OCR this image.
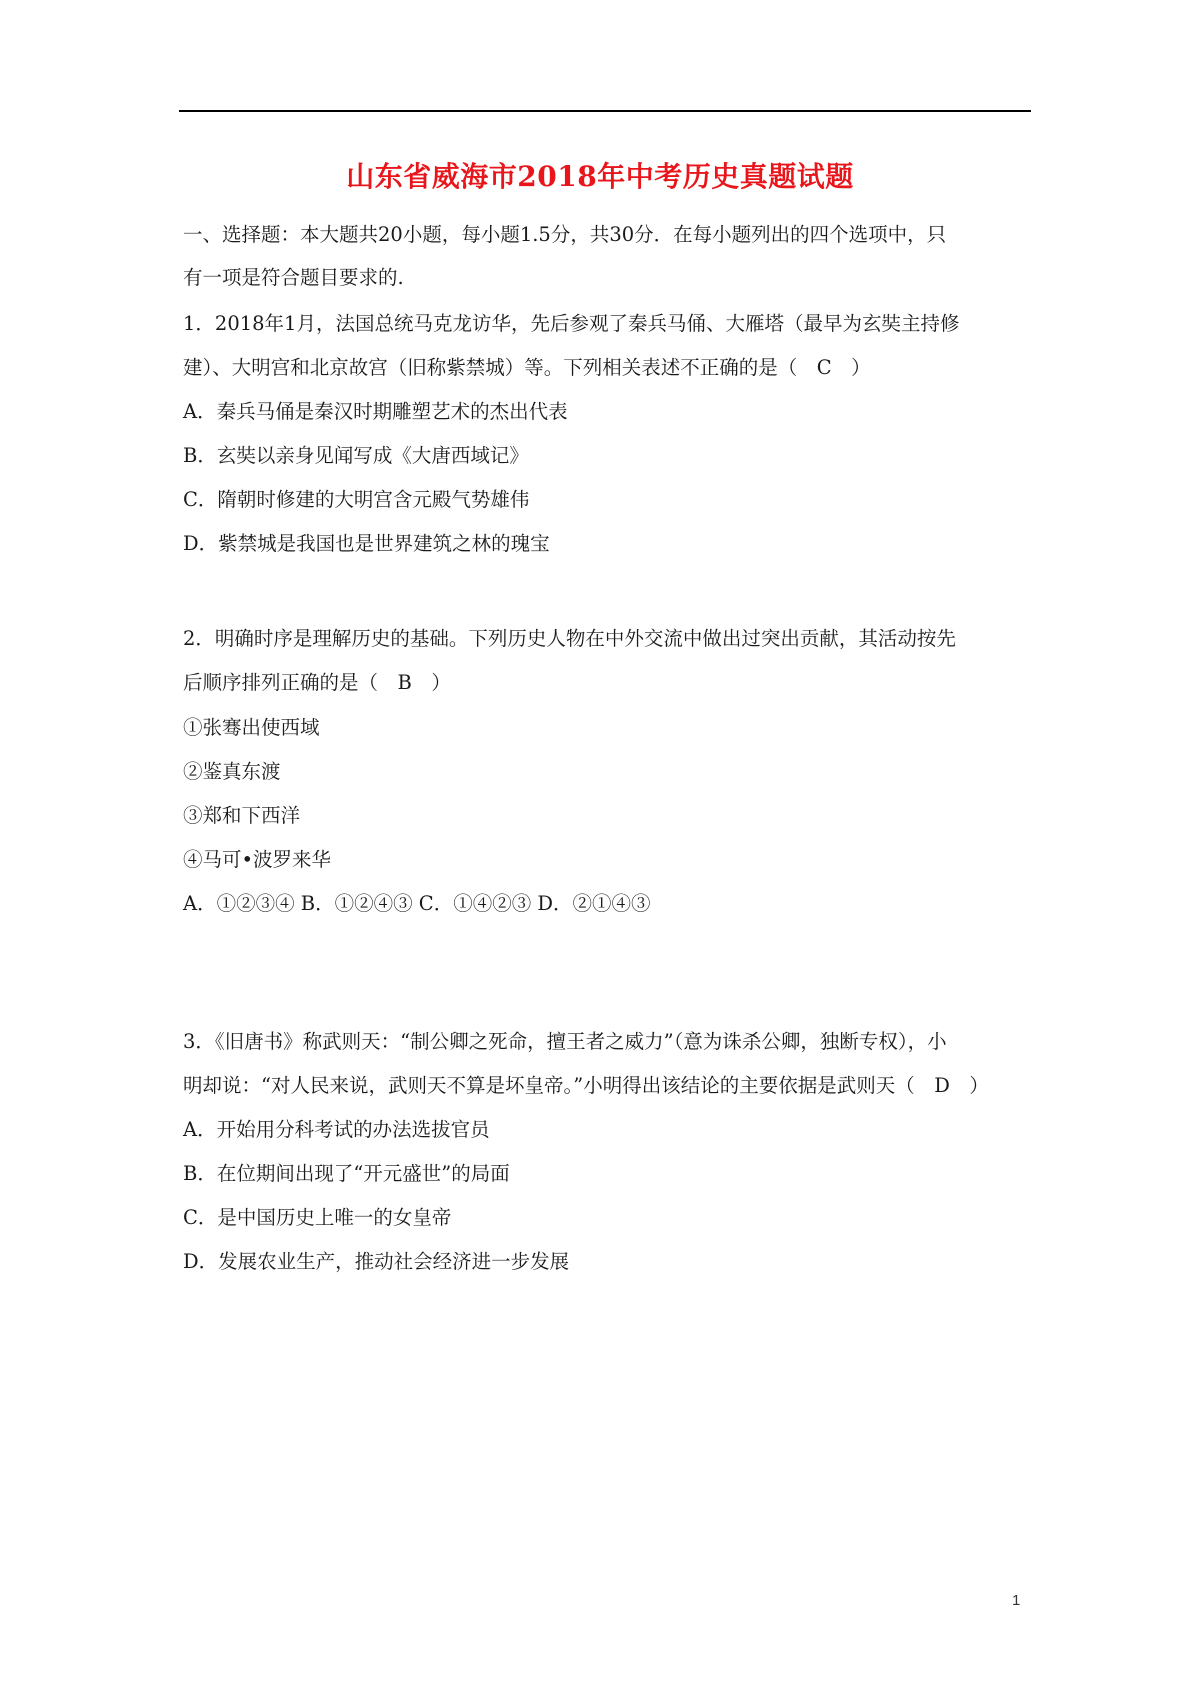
山东省威海市2018年中考历史真题试题
一、选择题：本大题共20小题，每小题1.5分，共30分．在每小题列出的四个选项中，只
有一项是符合题目要求的.
1．2018年1月，法国总统马克龙访华，先后参观了秦兵马俑、大雁塔（最早为玄奘主持修
建）、大明宫和北京故宫（旧称紫禁城）等。下列相关表述不正确的是（　C　）
A．秦兵马俑是秦汉时期雕塑艺术的杰出代表
B．玄奘以亲身见闻写成《大唐西域记》
C．隋朝时修建的大明宫含元殿气势雄伟
D．紫禁城是我国也是世界建筑之林的瑰宝
2．明确时序是理解历史的基础。下列历史人物在中外交流中做出过突出贡献，其活动按先
后顺序排列正确的是（　B　）
①张骞出使西域
②鉴真东渡
③郑和下西洋
④马可•波罗来华
A．①②③④ B．①②④③ C．①④②③ D．②①④③
3．《旧唐书》称武则天：“制公卿之死命，擅王者之威力”（意为诛杀公卿，独断专权），小
明却说：“对人民来说，武则天不算是坏皇帝。”小明得出该结论的主要依据是武则天（　D　）
A．开始用分科考试的办法选拔官员
B．在位期间出现了“开元盛世”的局面
C．是中国历史上唯一的女皇帝
D．发展农业生产，推动社会经济进一步发展
1
